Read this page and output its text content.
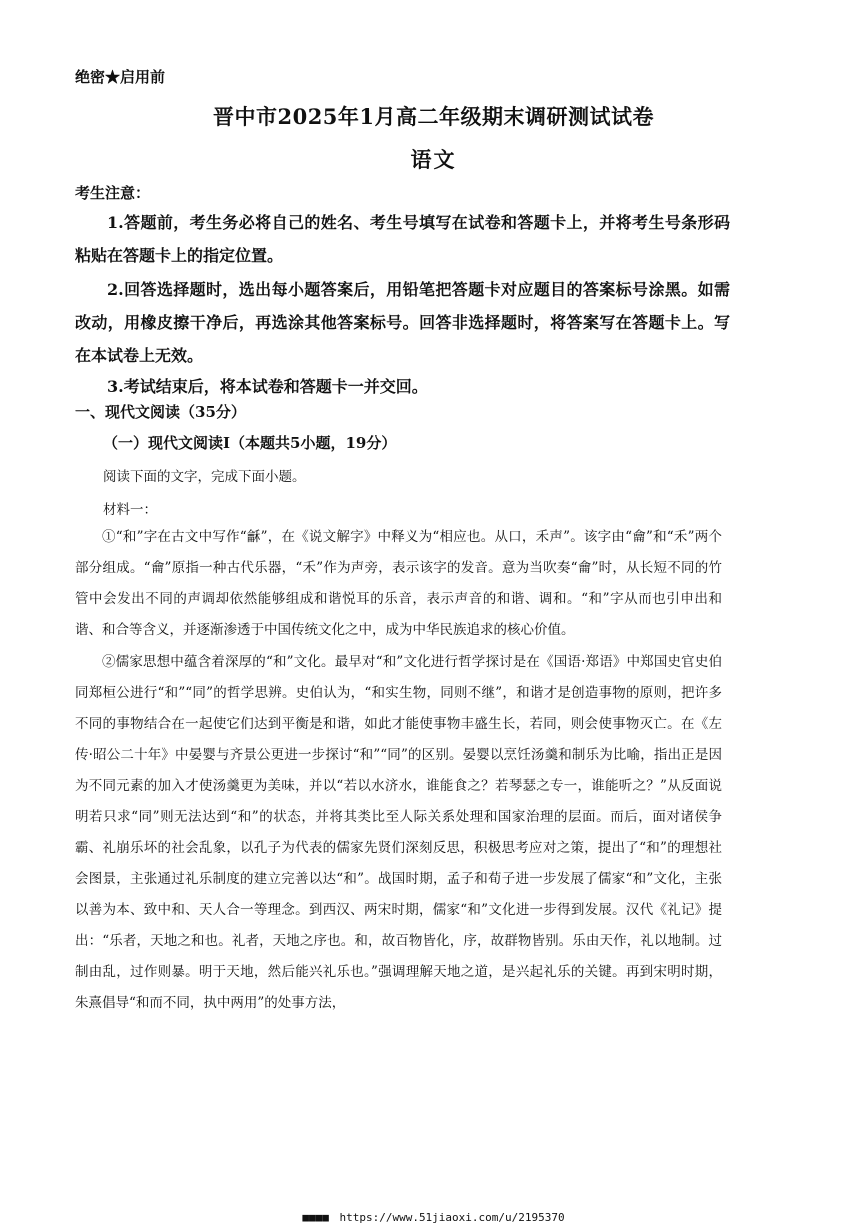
绝密★启用前
晋中市2025年1月高二年级期末调研测试试卷
语文
考生注意：
1.答题前，考生务必将自己的姓名、考生号填写在试卷和答题卡上，并将考生号条形码粘贴在答题卡上的指定位置。
2.回答选择题时，选出每小题答案后，用铅笔把答题卡对应题目的答案标号涂黑。如需改动，用橡皮擦干净后，再选涂其他答案标号。回答非选择题时，将答案写在答题卡上。写在本试卷上无效。
3.考试结束后，将本试卷和答题卡一并交回。
一、现代文阅读（35分）
（一）现代文阅读Ⅰ（本题共5小题，19分）
阅读下面的文字，完成下面小题。
材料一：
①“和”字在古文中写作“龢”，在《说文解字》中释义为“相应也。从口，禾声”。该字由“龠”和“禾”两个部分组成。“龠”原指一种古代乐器，“禾”作为声旁，表示该字的发音。意为当吹奏“龠”时，从长短不同的竹管中会发出不同的声调却依然能够组成和谐悦耳的乐音，表示声音的和谐、调和。“和”字从而也引申出和谐、和合等含义，并逐渐渗透于中国传统文化之中，成为中华民族追求的核心价值。
②儒家思想中蕴含着深厚的“和”文化。最早对“和”文化进行哲学探讨是在《国语·郑语》中郑国史官史伯同郑桓公进行“和”“同”的哲学思辨。史伯认为，“和实生物，同则不继”，和谐才是创造事物的原则，把许多不同的事物结合在一起使它们达到平衡是和谐，如此才能使事物丰盛生长，若同，则会使事物灭亡。在《左传·昭公二十年》中晏婴与齐景公更进一步探讨“和”“同”的区别。晏婴以烹饪汤羹和制乐为比喻，指出正是因为不同元素的加入才使汤羹更为美味，并以“若以水济水，谁能食之？若琴瑟之专一，谁能听之？”从反面说明若只求“同”则无法达到“和”的状态，并将其类比至人际关系处理和国家治理的层面。而后，面对诸侯争霸、礼崩乐坏的社会乱象，以孔子为代表的儒家先贤们深刻反思，积极思考应对之策，提出了“和”的理想社会图景，主张通过礼乐制度的建立完善以达“和”。战国时期，孟子和荀子进一步发展了儒家“和”文化，主张以善为本、致中和、天人合一等理念。到西汉、两宋时期，儒家“和”文化进一步得到发展。汉代《礼记》提出：“乐者，天地之和也。礼者，天地之序也。和，故百物皆化，序，故群物皆别。乐由天作，礼以地制。过制由乱，过作则暴。明于天地，然后能兴礼乐也。”强调理解天地之道，是兴起礼乐的关键。再到宋明时期，朱熹倡导“和而不同，执中两用”的处事方法，
■■■■ https://www.51jiaoxi.com/u/2195370
